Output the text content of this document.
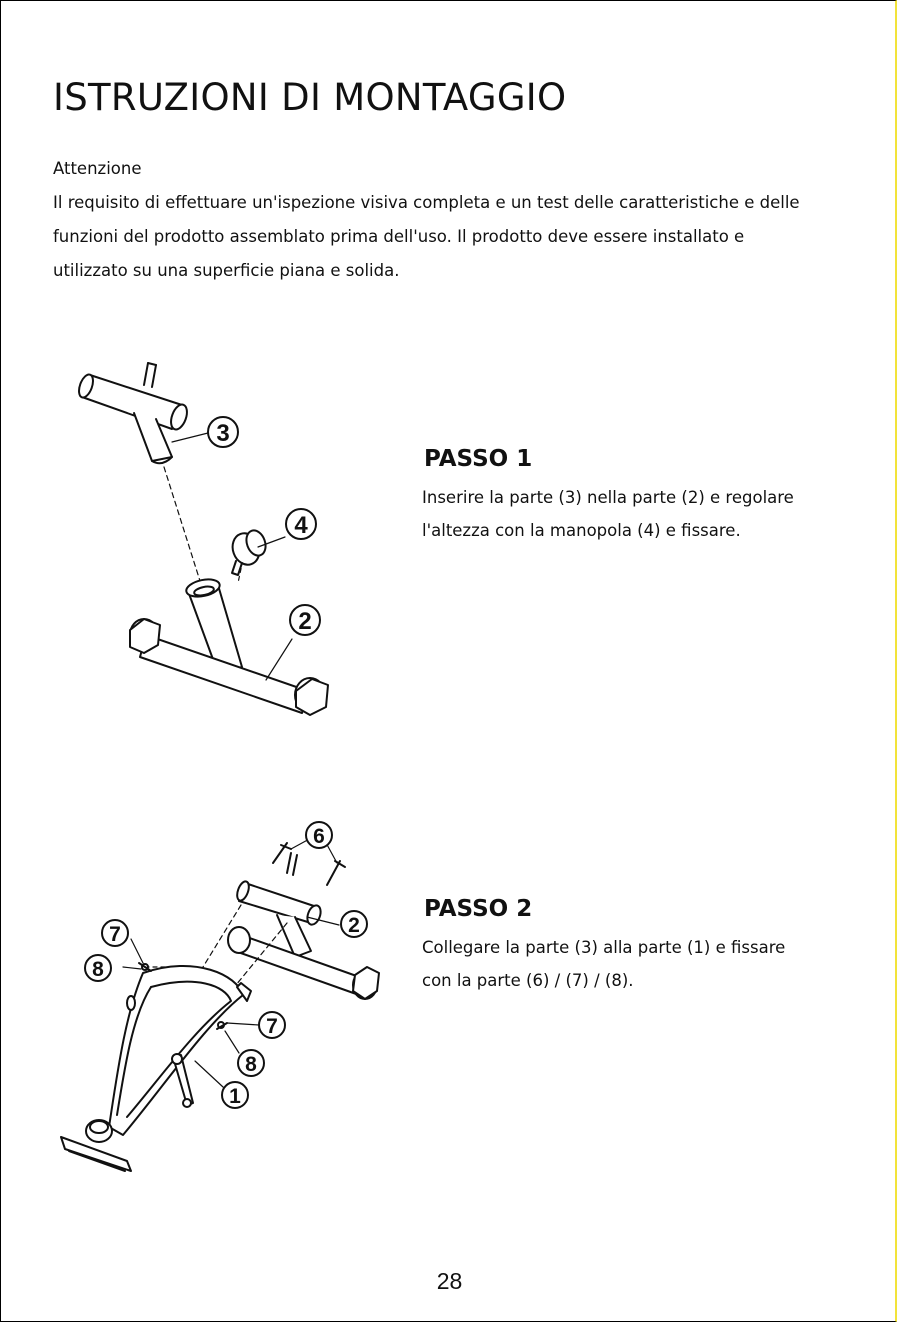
ISTRUZIONI DI MONTAGGIO

Attenzione

Il requisito di effettuare un'ispezione visiva completa e un test delle caratteristiche e delle

funzioni del prodotto assemblato prima dell'uso. Il prodotto deve essere installato e

utilizzato su una superficie piana e solida.

3
4
2
PASSO 1

Inserire la parte (3) nella parte (2) e regolare

l'altezza con la manopola (4) e fissare.

6
2
7
8
7
8
1
PASSO 2

Collegare la parte (3) alla parte (1) e fissare

con la parte (6) / (7) / (8).

28
